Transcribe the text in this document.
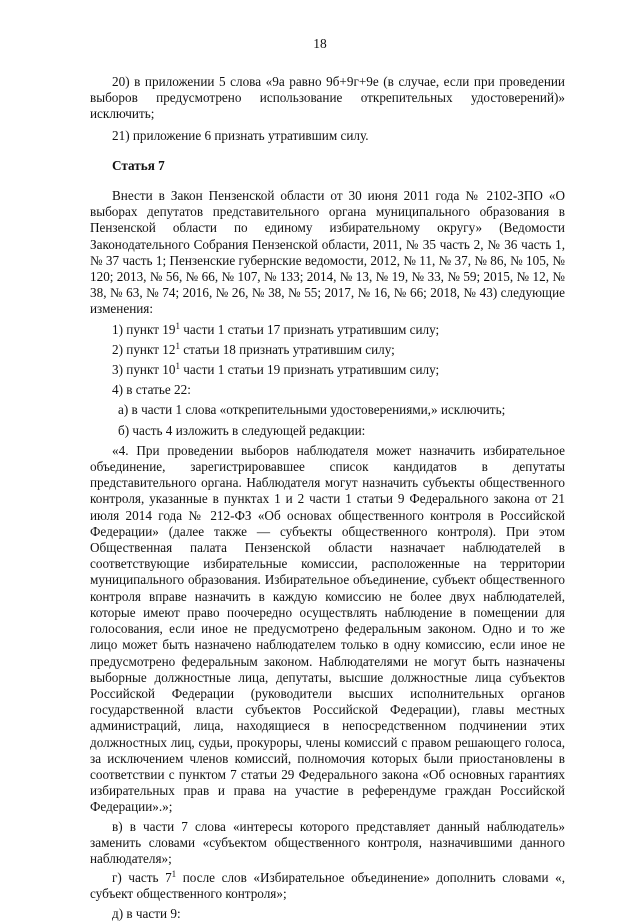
18

20) в приложении 5 слова «9а равно 9б+9г+9е (в случае, если при проведении выборов предусмотрено использование открепительных удостоверений)» исключить;

21) приложение 6 признать утратившим силу.

Статья 7

Внести в Закон Пензенской области от 30 июня 2011 года № 2102-ЗПО «О выборах депутатов представительного органа муниципального образования в Пензенской области по единому избирательному округу» (Ведомости Законодательного Собрания Пензенской области, 2011, № 35 часть 2, № 36 часть 1, № 37 часть 1; Пензенские губернские ведомости, 2012, № 11, № 37, № 86, № 105, № 120; 2013, № 56, № 66, № 107, № 133; 2014, № 13, № 19, № 33, № 59; 2015, № 12, № 38, № 63, № 74; 2016, № 26, № 38, № 55; 2017, № 16, № 66; 2018, № 43) следующие изменения:

1) пункт $19^1$ части 1 статьи 17 признать утратившим силу;

2) пункт $12^1$ статьи 18 признать утратившим силу;

3) пункт $10^1$ части 1 статьи 19 признать утратившим силу;

4) в статье 22:

а) в части 1 слова «открепительными удостоверениями,» исключить;

б) часть 4 изложить в следующей редакции:

«4. При проведении выборов наблюдателя может назначить избирательное объединение, зарегистрировавшее список кандидатов в депутаты представительного органа. Наблюдателя могут назначить субъекты общественного контроля, указанные в пунктах 1 и 2 части 1 статьи 9 Федерального закона от 21 июля 2014 года № 212-ФЗ «Об основах общественного контроля в Российской Федерации» (далее также — субъекты общественного контроля). При этом Общественная палата Пензенской области назначает наблюдателей в соответствующие избирательные комиссии, расположенные на территории муниципального образования. Избирательное объединение, субъект общественного контроля вправе назначить в каждую комиссию не более двух наблюдателей, которые имеют право поочередно осуществлять наблюдение в помещении для голосования, если иное не предусмотрено федеральным законом. Одно и то же лицо может быть назначено наблюдателем только в одну комиссию, если иное не предусмотрено федеральным законом. Наблюдателями не могут быть назначены выборные должностные лица, депутаты, высшие должностные лица субъектов Российской Федерации (руководители высших исполнительных органов государственной власти субъектов Российской Федерации), главы местных администраций, лица, находящиеся в непосредственном подчинении этих должностных лиц, судьи, прокуроры, члены комиссий с правом решающего голоса, за исключением членов комиссий, полномочия которых были приостановлены в соответствии с пунктом 7 статьи 29 Федерального закона «Об основных гарантиях избирательных прав и права на участие в референдуме граждан Российской Федерации».»;

в) в части 7 слова «интересы которого представляет данный наблюдатель» заменить словами «субъектом общественного контроля, назначившими данного наблюдателя»;

г) часть $7^1$ после слов «Избирательное объединение» дополнить словами «, субъект общественного контроля»;

д) в части 9:
